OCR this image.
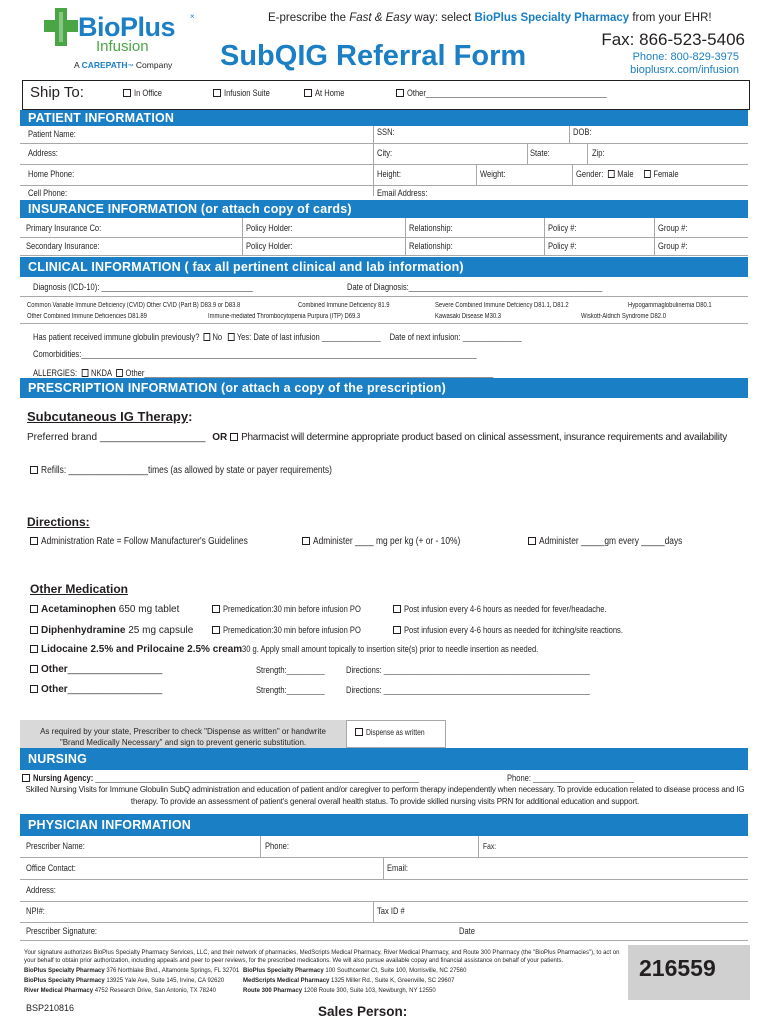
BioPlus ×
Infusion
A CAREPATH™ Company
E-prescribe the Fast & Easy way: select BioPlus Specialty Pharmacy from your EHR!
SubQIG Referral Form
Fax: 866-523-5406
Phone: 800-829-3975
bioplusrx.com/infusion
Ship To:	In Office	Infusion Suite	At Home	Other___________________________________________
PATIENT INFORMATION
Patient Name:	SSN:	DOB:
Address:	City:	State:	Zip:
Home Phone:	Height:	Weight:	Gender: Male Female
Cell Phone:	Email Address:
INSURANCE INFORMATION (or attach copy of cards)
Primary Insurance Co:	Policy Holder:	Relationship:	Policy #:	Group #:
Secondary Insurance:	Policy Holder:	Relationship:	Policy #:	Group #:
CLINICAL INFORMATION ( fax all pertinent clinical and lab information)
Diagnosis (ICD-10): ____________________________________	Date of Diagnosis:______________________________________________
Common Variable Immune Deficiency (CVID) Other CVID (Part B) D83.9 or D83.8	Combined Immune Deficiency 81.9	Severe Combined Immune Defciency D81.1, D81.2	Hypogammaglobulinemia D80.1
Other Combined Immune Deficiencies D81.89	Immune-mediated Thrombocytopenia Purpura (ITP) D69.3	Kawasaki Disease M30.3	Wiskott-Aldrich Syndrome D82.0
Has patient received immune globulin previously? No Yes: Date of last infusion ______________ Date of next infusion: ______________
Comorbidities:______________________________________________________________________________________________
ALLERGIES: NKDA Other___________________________________________________________________________________
PRESCRIPTION INFORMATION (or attach a copy of the prescription)
Subcutaneous IG Therapy:
Preferred brand ___________________ OR Pharmacist will determine appropriate product based on clinical assessment, insurance requirements and availability
Refills: _________________times (as allowed by state or payer requirements)
Directions:
Administration Rate = Follow Manufacturer's Guidelines	Administer ____ mg per kg (+ or - 10%)	Administer _____gm every _____days
Other Medication
Acetaminophen 650 mg tablet	Premedication:30 min before infusion PO	Post infusion every 4-6 hours as needed for fever/headache.
Diphenhydramine 25 mg capsule	Premedication:30 min before infusion PO	Post infusion every 4-6 hours as needed for itching/site reactions.
Lidocaine 2.5% and Prilocaine 2.5% cream30 g. Apply small amount topically to insertion site(s) prior to needle insertion as needed.
Other_________________	Strength:_________	Directions: _________________________________________________
Other_________________	Strength:_________	Directions: _________________________________________________
As required by your state, Prescriber to check "Dispense as written" or handwrite
"Brand Medically Necessary" and sign to prevent generic substitution.
Dispense as written
NURSING
Nursing Agency: _____________________________________________________________________________	Phone: ________________________
Skilled Nursing Visits for Immune Globulin SubQ administration and education of patient and/or caregiver to perform therapy independently when necessary. To provide education related to disease process and IG therapy. To provide an assessment of patient's general overall health status. To provide skilled nursing visits PRN for additional education and support.
PHYSICIAN INFORMATION
Prescriber Name:	Phone:	Fax:
Office Contact:	Email:
Address:
NPI#:	Tax ID #
Prescriber Signature:	Date
Your signature authorizes BioPlus Specialty Pharmacy Services, LLC, and their network of pharmacies, MedScripts Medical Pharmacy, River Medical Pharmacy, and Route 300 Pharmacy (the "BioPlus Pharmacies"), to act on your behalf to obtain prior authorization, including appeals and peer to peer reviews, for the prescribed medications. We will also pursue available copay and financial assistance on behalf of your patients.
BioPlus Specialty Pharmacy 376 Northlake Blvd., Altamonte Springs, FL 32701
BioPlus Specialty Pharmacy 13925 Yale Ave, Suite 145, Irvine, CA 92620
River Medical Pharmacy 4752 Research Drive, San Antonio, TX 78240
BioPlus Specialty Pharmacy 100 Southcenter Ct, Suite 100, Morrisville, NC 27560
MedScripts Medical Pharmacy 1325 Miller Rd., Suite K, Greenville, SC 29607
Route 300 Pharmacy 1208 Route 300, Suite 103, Newburgh, NY 12550
216559
BSP210816	Sales Person:
